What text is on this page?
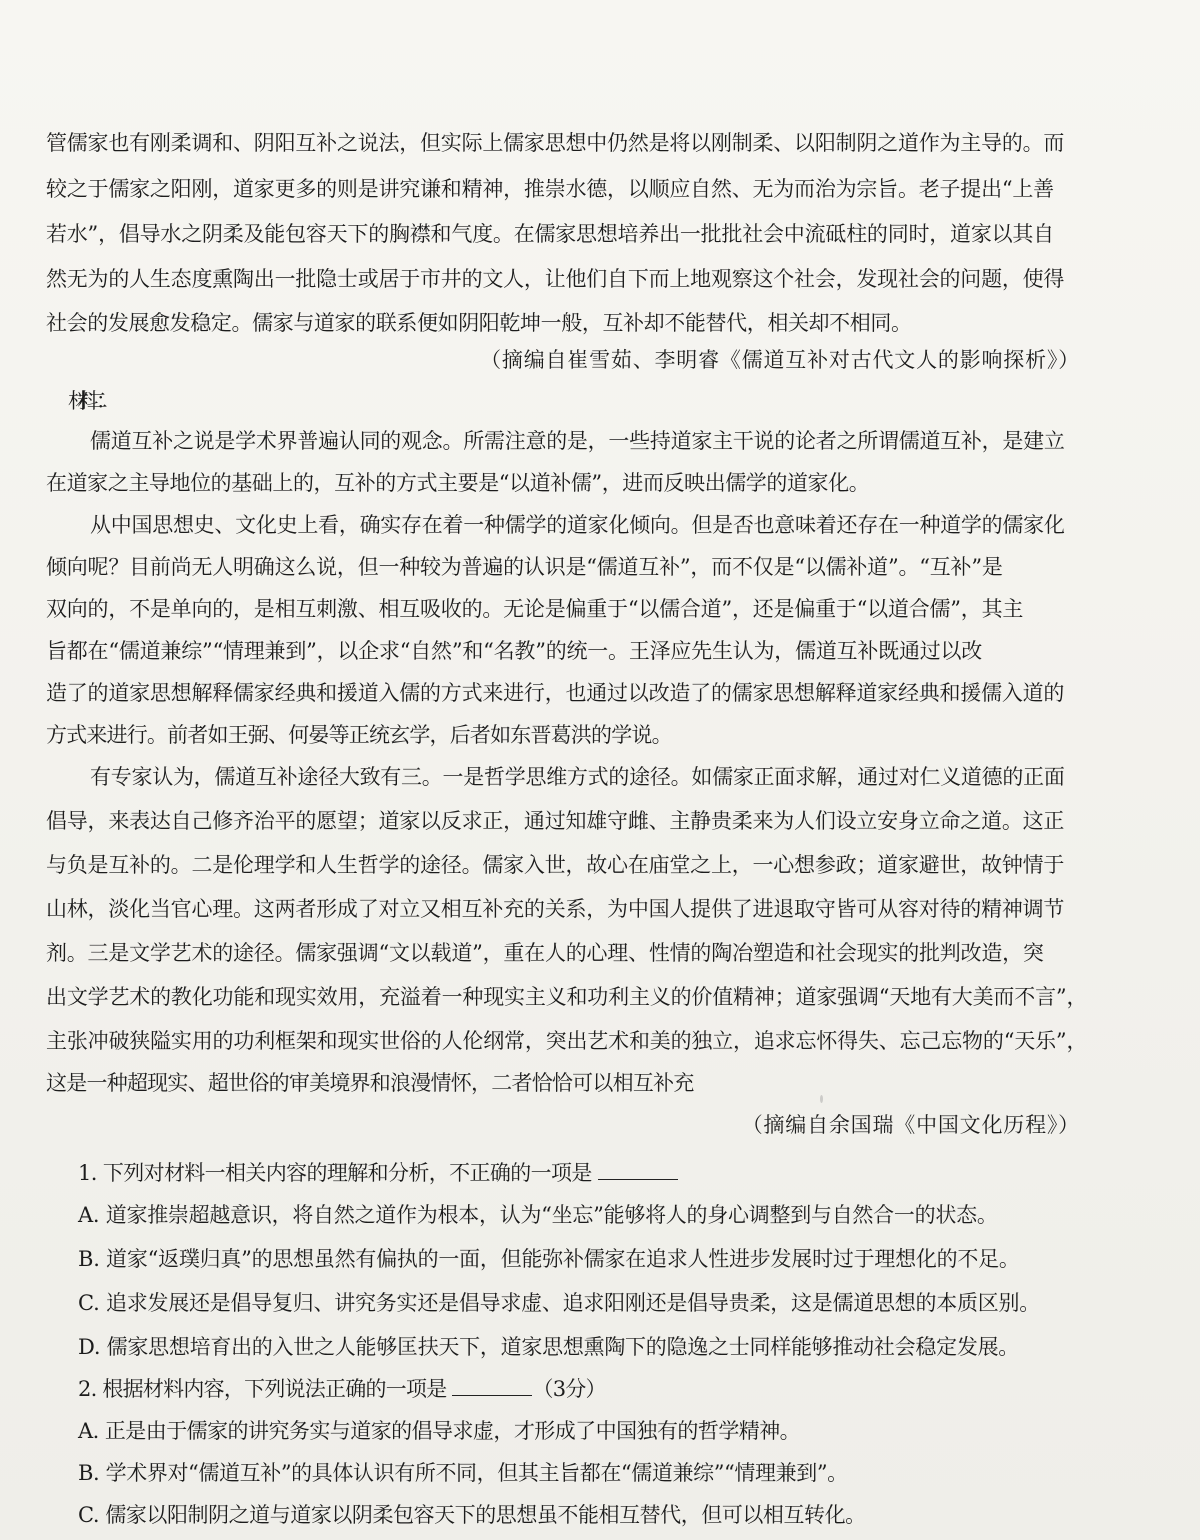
管儒家也有刚柔调和、阴阳互补之说法，但实际上儒家思想中仍然是将以刚制柔、以阳制阴之道作为主导的。而
较之于儒家之阳刚，道家更多的则是讲究谦和精神，推崇水德，以顺应自然、无为而治为宗旨。老子提出“上善
若水”，倡导水之阴柔及能包容天下的胸襟和气度。在儒家思想培养出一批批社会中流砥柱的同时，道家以其自
然无为的人生态度熏陶出一批隐士或居于市井的文人，让他们自下而上地观察这个社会，发现社会的问题，使得
社会的发展愈发稳定。儒家与道家的联系便如阴阳乾坤一般，互补却不能替代，相关却不相同。
（摘编自崔雪茹、李明睿《儒道互补对古代文人的影响探析》）
材料二：
儒道互补之说是学术界普遍认同的观念。所需注意的是，一些持道家主干说的论者之所谓儒道互补，是建立
在道家之主导地位的基础上的，互补的方式主要是“以道补儒”，进而反映出儒学的道家化。
从中国思想史、文化史上看，确实存在着一种儒学的道家化倾向。但是否也意味着还存在一种道学的儒家化
倾向呢？目前尚无人明确这么说，但一种较为普遍的认识是“儒道互补”，而不仅是“以儒补道”。“互补”是
双向的，不是单向的，是相互刺激、相互吸收的。无论是偏重于“以儒合道”，还是偏重于“以道合儒”，其主
旨都在“儒道兼综”“情理兼到”，以企求“自然”和“名教”的统一。王泽应先生认为，儒道互补既通过以改
造了的道家思想解释儒家经典和援道入儒的方式来进行，也通过以改造了的儒家思想解释道家经典和援儒入道的
方式来进行。前者如王弼、何晏等正统玄学，后者如东晋葛洪的学说。
有专家认为，儒道互补途径大致有三。一是哲学思维方式的途径。如儒家正面求解，通过对仁义道德的正面
倡导，来表达自己修齐治平的愿望；道家以反求正，通过知雄守雌、主静贵柔来为人们设立安身立命之道。这正
与负是互补的。二是伦理学和人生哲学的途径。儒家入世，故心在庙堂之上，一心想参政；道家避世，故钟情于
山林，淡化当官心理。这两者形成了对立又相互补充的关系，为中国人提供了进退取守皆可从容对待的精神调节
剂。三是文学艺术的途径。儒家强调“文以载道”，重在人的心理、性情的陶冶塑造和社会现实的批判改造，突
出文学艺术的教化功能和现实效用，充溢着一种现实主义和功利主义的价值精神；道家强调“天地有大美而不言”，
主张冲破狭隘实用的功利框架和现实世俗的人伦纲常，突出艺术和美的独立，追求忘怀得失、忘己忘物的“天乐”，
这是一种超现实、超世俗的审美境界和浪漫情怀，二者恰恰可以相互补充
（摘编自余国瑞《中国文化历程》）
1. 下列对材料一相关内容的理解和分析，不正确的一项是
A. 道家推崇超越意识，将自然之道作为根本，认为“坐忘”能够将人的身心调整到与自然合一的状态。
B. 道家“返璞归真”的思想虽然有偏执的一面，但能弥补儒家在追求人性进步发展时过于理想化的不足。
C. 追求发展还是倡导复归、讲究务实还是倡导求虚、追求阳刚还是倡导贵柔，这是儒道思想的本质区别。
D. 儒家思想培育出的入世之人能够匡扶天下，道家思想熏陶下的隐逸之士同样能够推动社会稳定发展。
2. 根据材料内容，下列说法正确的一项是	（3分）
A. 正是由于儒家的讲究务实与道家的倡导求虚，才形成了中国独有的哲学精神。
B. 学术界对“儒道互补”的具体认识有所不同，但其主旨都在“儒道兼综”“情理兼到”。
C. 儒家以阳制阴之道与道家以阴柔包容天下的思想虽不能相互替代，但可以相互转化。
